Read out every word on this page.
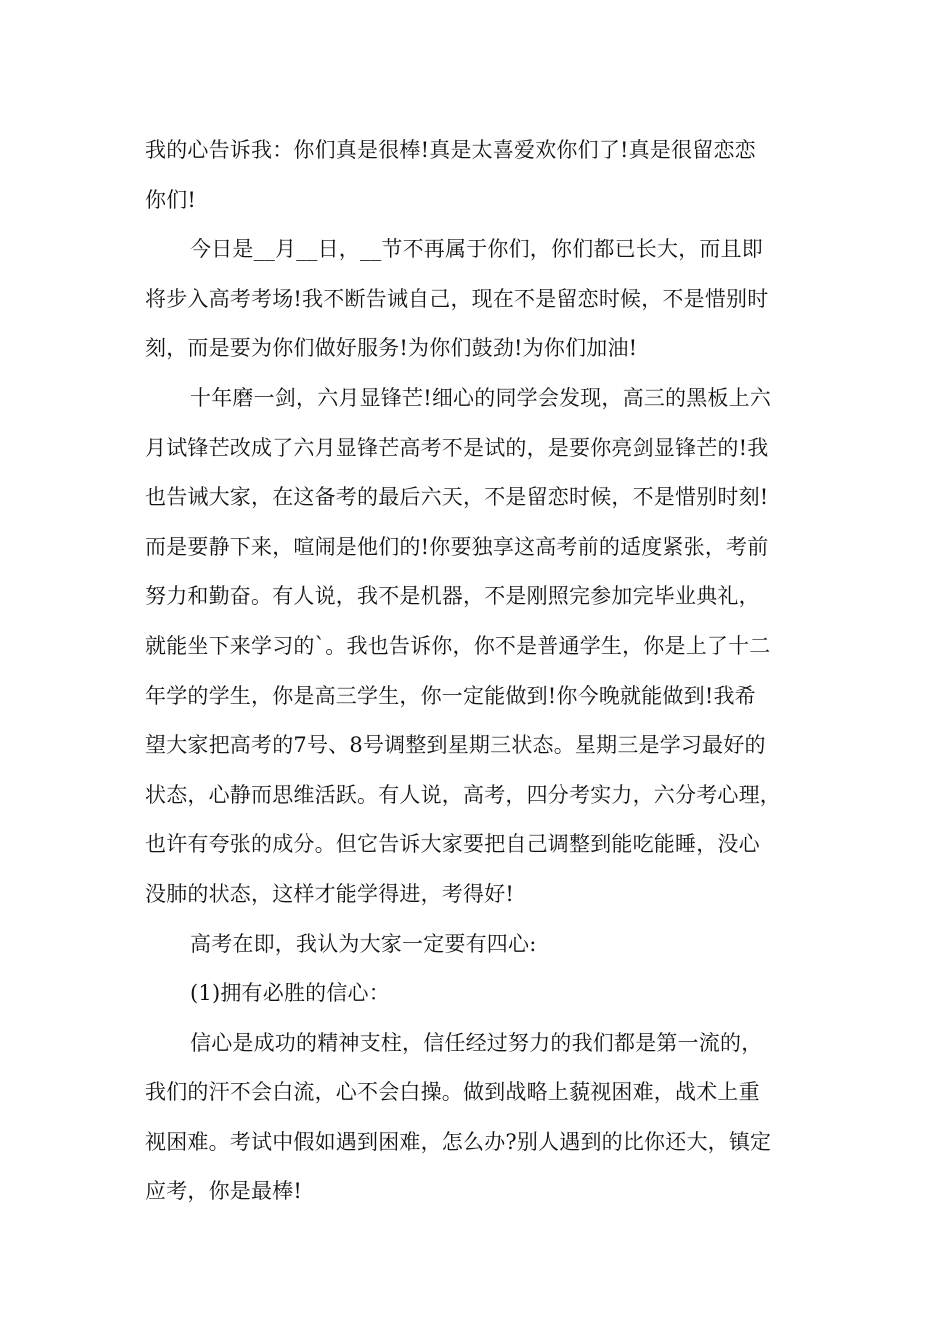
我的心告诉我：你们真是很棒!真是太喜爱欢你们了!真是很留恋恋
你们!
今日是__月__日，__节不再属于你们，你们都已长大，而且即
将步入高考考场!我不断告诫自己，现在不是留恋时候，不是惜别时
刻，而是要为你们做好服务!为你们鼓劲!为你们加油!
十年磨一剑，六月显锋芒!细心的同学会发现，高三的黑板上六
月试锋芒改成了六月显锋芒高考不是试的，是要你亮剑显锋芒的!我
也告诫大家，在这备考的最后六天，不是留恋时候，不是惜别时刻!
而是要静下来，喧闹是他们的!你要独享这高考前的适度紧张，考前
努力和勤奋。有人说，我不是机器，不是刚照完参加完毕业典礼，
就能坐下来学习的`。我也告诉你，你不是普通学生，你是上了十二
年学的学生，你是高三学生，你一定能做到!你今晚就能做到!我希
望大家把高考的7号、8号调整到星期三状态。星期三是学习最好的
状态，心静而思维活跃。有人说，高考，四分考实力，六分考心理，
也许有夸张的成分。但它告诉大家要把自己调整到能吃能睡，没心
没肺的状态，这样才能学得进，考得好!
高考在即，我认为大家一定要有四心:
(1)拥有必胜的信心：
信心是成功的精神支柱，信任经过努力的我们都是第一流的，
我们的汗不会白流，心不会白操。做到战略上藐视困难，战术上重
视困难。考试中假如遇到困难，怎么办?别人遇到的比你还大，镇定
应考，你是最棒!
